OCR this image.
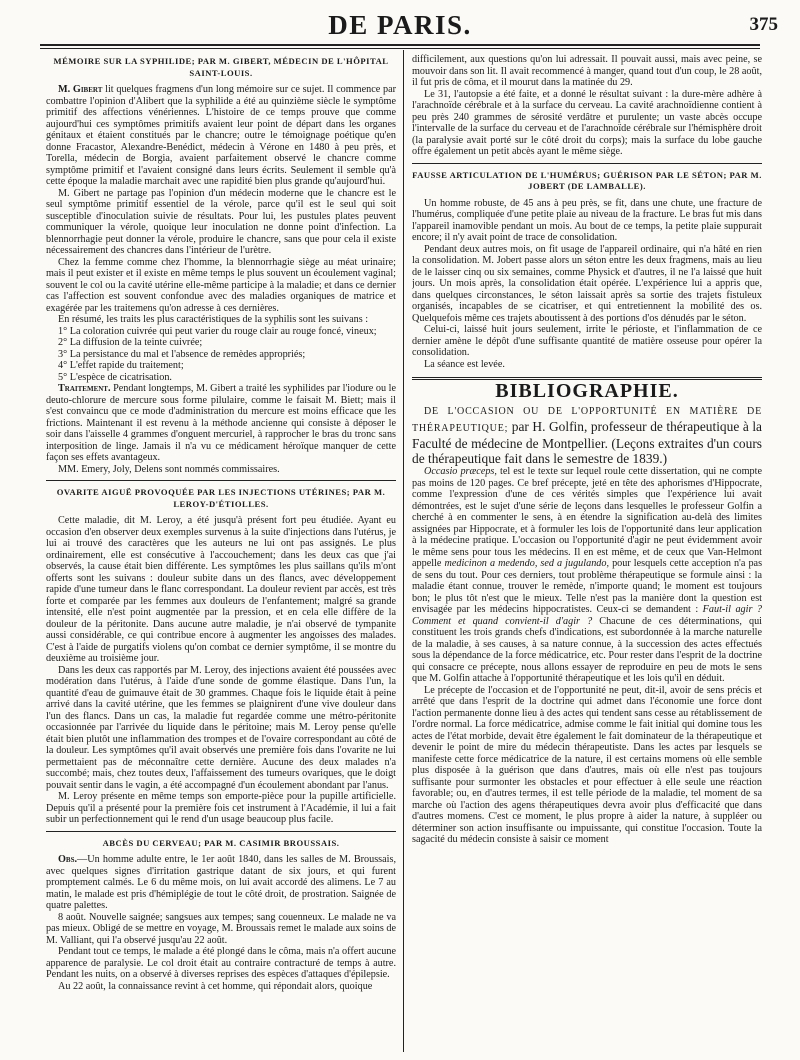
DE PARIS.	375

MÉMOIRE SUR LA SYPHILIDE; PAR M. GIBERT, MÉDECIN DE L'HÔPITAL SAINT-LOUIS.

M. Gibert lit quelques fragmens d'un long mémoire sur ce sujet. Il commence par combattre l'opinion d'Alibert que la syphilide a été au quinzième siècle le symptôme primitif des affections vénériennes. L'histoire de ce temps prouve que comme aujourd'hui ces symptômes primitifs avaient leur point de départ dans les organes génitaux et étaient constitués par le chancre; outre le témoignage poétique qu'en donne Fracastor, Alexandre-Benédict, médecin à Vérone en 1480 à peu près, et Torella, médecin de Borgia, avaient parfaitement observé le chancre comme symptôme primitif et l'avaient consigné dans leurs écrits. Seulement il semble qu'à cette époque la maladie marchait avec une rapidité bien plus grande qu'aujourd'hui.

M. Gibert ne partage pas l'opinion d'un médecin moderne que le chancre est le seul symptôme primitif essentiel de la vérole, parce qu'il est le seul qui soit susceptible d'inoculation suivie de résultats. Pour lui, les pustules plates peuvent communiquer la vérole, quoique leur inoculation ne donne point d'infection. La blennorrhagie peut donner la vérole, produire le chancre, sans que pour cela il existe nécessairement des chancres dans l'intérieur de l'urètre.

Chez la femme comme chez l'homme, la blennorrhagie siège au méat urinaire; mais il peut exister et il existe en même temps le plus souvent un écoulement vaginal; souvent le col ou la cavité utérine elle-même participe à la maladie; et dans ce dernier cas l'affection est souvent confondue avec des maladies organiques de matrice et exagérée par les traitemens qu'on adresse à ces dernières.

En résumé, les traits les plus caractéristiques de la syphilis sont les suivans :

1° La coloration cuivrée qui peut varier du rouge clair au rouge foncé, vineux;

2° La diffusion de la teinte cuivrée;

3° La persistance du mal et l'absence de remèdes appropriés;

4° L'effet rapide du traitement;

5° L'espèce de cicatrisation.

Traitement. Pendant longtemps, M. Gibert a traité les syphilides par l'iodure ou le deuto-chlorure de mercure sous forme pilulaire, comme le faisait M. Biett; mais il s'est convaincu que ce mode d'administration du mercure est moins efficace que les frictions. Maintenant il est revenu à la méthode ancienne qui consiste à déposer le soir dans l'aisselle 4 grammes d'onguent mercuriel, à rapprocher le bras du tronc sans interposition de linge. Jamais il n'a vu ce médicament héroïque manquer de cette façon ses effets avantageux.

MM. Emery, Joly, Delens sont nommés commissaires.

OVARITE AIGUË PROVOQUÉE PAR LES INJECTIONS UTÉRINES; PAR M. LEROY-D'ÉTIOLLES.

Cette maladie, dit M. Leroy, a été jusqu'à présent fort peu étudiée. Ayant eu occasion d'en observer deux exemples survenus à la suite d'injections dans l'utérus, je lui ai trouvé des caractères que les auteurs ne lui ont pas assignés. Le plus ordinairement, elle est consécutive à l'accouchement; dans les deux cas que j'ai observés, la cause était bien différente. Les symptômes les plus saillans qu'ils m'ont offerts sont les suivans : douleur subite dans un des flancs, avec développement rapide d'une tumeur dans le flanc correspondant. La douleur revient par accès, est très forte et comparée par les femmes aux douleurs de l'enfantement; malgré sa grande intensité, elle n'est point augmentée par la pression, et en cela elle diffère de la douleur de la péritonite. Dans aucune autre maladie, je n'ai observé de tympanite aussi considérable, ce qui contribue encore à augmenter les angoisses des malades. C'est à l'aide de purgatifs violens qu'on combat ce dernier symptôme, il se montre du deuxième au troisième jour.

Dans les deux cas rapportés par M. Leroy, des injections avaient été poussées avec modération dans l'utérus, à l'aide d'une sonde de gomme élastique. Dans l'un, la quantité d'eau de guimauve était de 30 grammes. Chaque fois le liquide était à peine arrivé dans la cavité utérine, que les femmes se plaignirent d'une vive douleur dans l'un des flancs. Dans un cas, la maladie fut regardée comme une métro-péritonite occasionnée par l'arrivée du liquide dans le péritoine; mais M. Leroy pense qu'elle était bien plutôt une inflammation des trompes et de l'ovaire correspondant au côté de la douleur. Les symptômes qu'il avait observés une première fois dans l'ovarite ne lui permettaient pas de méconnaître cette dernière. Aucune des deux malades n'a succombé; mais, chez toutes deux, l'affaissement des tumeurs ovariques, que le doigt pouvait sentir dans le vagin, a été accompagné d'un écoulement abondant par l'anus.

M. Leroy présente en même temps son emporte-pièce pour la pupille artificielle. Depuis qu'il a présenté pour la première fois cet instrument à l'Académie, il lui a fait subir un perfectionnement qui le rend d'un usage beaucoup plus facile.

ABCÈS DU CERVEAU; PAR M. CASIMIR BROUSSAIS.

Obs.—Un homme adulte entre, le 1er août 1840, dans les salles de M. Broussais, avec quelques signes d'irritation gastrique datant de six jours, et qui furent promptement calmés. Le 6 du même mois, on lui avait accordé des alimens. Le 7 au matin, le malade est pris d'hémiplégie de tout le côté droit, de prostration. Saignée de quatre palettes.

8 août. Nouvelle saignée; sangsues aux tempes; sang couenneux. Le malade ne va pas mieux. Obligé de se mettre en voyage, M. Broussais remet le malade aux soins de M. Valliant, qui l'a observé jusqu'au 22 août.

Pendant tout ce temps, le malade a été plongé dans le côma, mais n'a offert aucune apparence de paralysie. Le col droit était au contraire contracturé de temps à autre. Pendant les nuits, on a observé à diverses reprises des espèces d'attaques d'épilepsie.

Au 22 août, la connaissance revint à cet homme, qui répondait alors, quoique

difficilement, aux questions qu'on lui adressait. Il pouvait aussi, mais avec peine, se mouvoir dans son lit. Il avait recommencé à manger, quand tout d'un coup, le 28 août, il fut pris de côma, et il mourut dans la matinée du 29.

Le 31, l'autopsie a été faite, et a donné le résultat suivant : la dure-mère adhère à l'arachnoïde cérébrale et à la surface du cerveau. La cavité arachnoïdienne contient à peu près 240 grammes de sérosité verdâtre et purulente; un vaste abcès occupe l'intervalle de la surface du cerveau et de l'arachnoïde cérébrale sur l'hémisphère droit (la paralysie avait porté sur le côté droit du corps); mais la surface du lobe gauche offre également un petit abcès ayant le même siège.

FAUSSE ARTICULATION DE L'HUMÉRUS; GUÉRISON PAR LE SÉTON; PAR M. JOBERT (DE LAMBALLE).

Un homme robuste, de 45 ans à peu près, se fit, dans une chute, une fracture de l'humérus, compliquée d'une petite plaie au niveau de la fracture. Le bras fut mis dans l'appareil inamovible pendant un mois. Au bout de ce temps, la petite plaie suppurait encore; il n'y avait point de trace de consolidation.

Pendant deux autres mois, on fit usage de l'appareil ordinaire, qui n'a hâté en rien la consolidation. M. Jobert passe alors un séton entre les deux fragmens, mais au lieu de le laisser cinq ou six semaines, comme Physick et d'autres, il ne l'a laissé que huit jours. Un mois après, la consolidation était opérée. L'expérience lui a appris que, dans quelques circonstances, le séton laissait après sa sortie des trajets fistuleux organisés, incapables de se cicatriser, et qui entretiennent la mobilité des os. Quelquefois même ces trajets aboutissent à des portions d'os dénudés par le séton.

Celui-ci, laissé huit jours seulement, irrite le périoste, et l'inflammation de ce dernier amène le dépôt d'une suffisante quantité de matière osseuse pour opérer la consolidation.

La séance est levée.

BIBLIOGRAPHIE.

DE L'OCCASION OU DE L'OPPORTUNITÉ EN MATIÈRE DE THÉRAPEUTIQUE; par H. Golfin, professeur de thérapeutique à la Faculté de médecine de Montpellier. (Leçons extraites d'un cours de thérapeutique fait dans le semestre de 1839.)

Occasio præceps, tel est le texte sur lequel roule cette dissertation, qui ne compte pas moins de 120 pages. Ce bref précepte, jeté en tête des aphorismes d'Hippocrate, comme l'expression d'une de ces vérités simples que l'expérience lui avait démontrées, est le sujet d'une série de leçons dans lesquelles le professeur Golfin a cherché à en commenter le sens, à en étendre la signification au-delà des limites assignées par Hippocrate, et à formuler les lois de l'opportunité dans leur application à la médecine pratique. L'occasion ou l'opportunité d'agir ne peut évidemment avoir le même sens pour tous les médecins. Il en est même, et de ceux que Van-Helmont appelle medicinon a medendo, sed a jugulando, pour lesquels cette acception n'a pas de sens du tout. Pour ces derniers, tout problème thérapeutique se formule ainsi : la maladie étant connue, trouver le remède, n'importe quand; le moment est toujours bon; le plus tôt n'est que le mieux. Telle n'est pas la manière dont la question est envisagée par les médecins hippocratistes. Ceux-ci se demandent : Faut-il agir ? Comment et quand convient-il d'agir ? Chacune de ces déterminations, qui constituent les trois grands chefs d'indications, est subordonnée à la marche naturelle de la maladie, à ses causes, à sa nature connue, à la succession des actes effectués sous la dépendance de la force médicatrice, etc. Pour rester dans l'esprit de la doctrine qui consacre ce précepte, nous allons essayer de reproduire en peu de mots le sens que M. Golfin attache à l'opportunité thérapeutique et les lois qu'il en déduit.

Le précepte de l'occasion et de l'opportunité ne peut, dit-il, avoir de sens précis et arrêté que dans l'esprit de la doctrine qui admet dans l'économie une force dont l'action permanente donne lieu à des actes qui tendent sans cesse au rétablissement de l'ordre normal. La force médicatrice, admise comme le fait initial qui domine tous les actes de l'état morbide, devait être également le fait dominateur de la thérapeutique et devenir le point de mire du médecin thérapeutiste. Dans les actes par lesquels se manifeste cette force médicatrice de la nature, il est certains momens où elle semble plus disposée à la guérison que dans d'autres, mais où elle n'est pas toujours suffisante pour surmonter les obstacles et pour effectuer à elle seule une réaction favorable; ou, en d'autres termes, il est telle période de la maladie, tel moment de sa marche où l'action des agens thérapeutiques devra avoir plus d'efficacité que dans d'autres momens. C'est ce moment, le plus propre à aider la nature, à suppléer ou déterminer son action insuffisante ou impuissante, qui constitue l'occasion. Toute la sagacité du médecin consiste à saisir ce moment
